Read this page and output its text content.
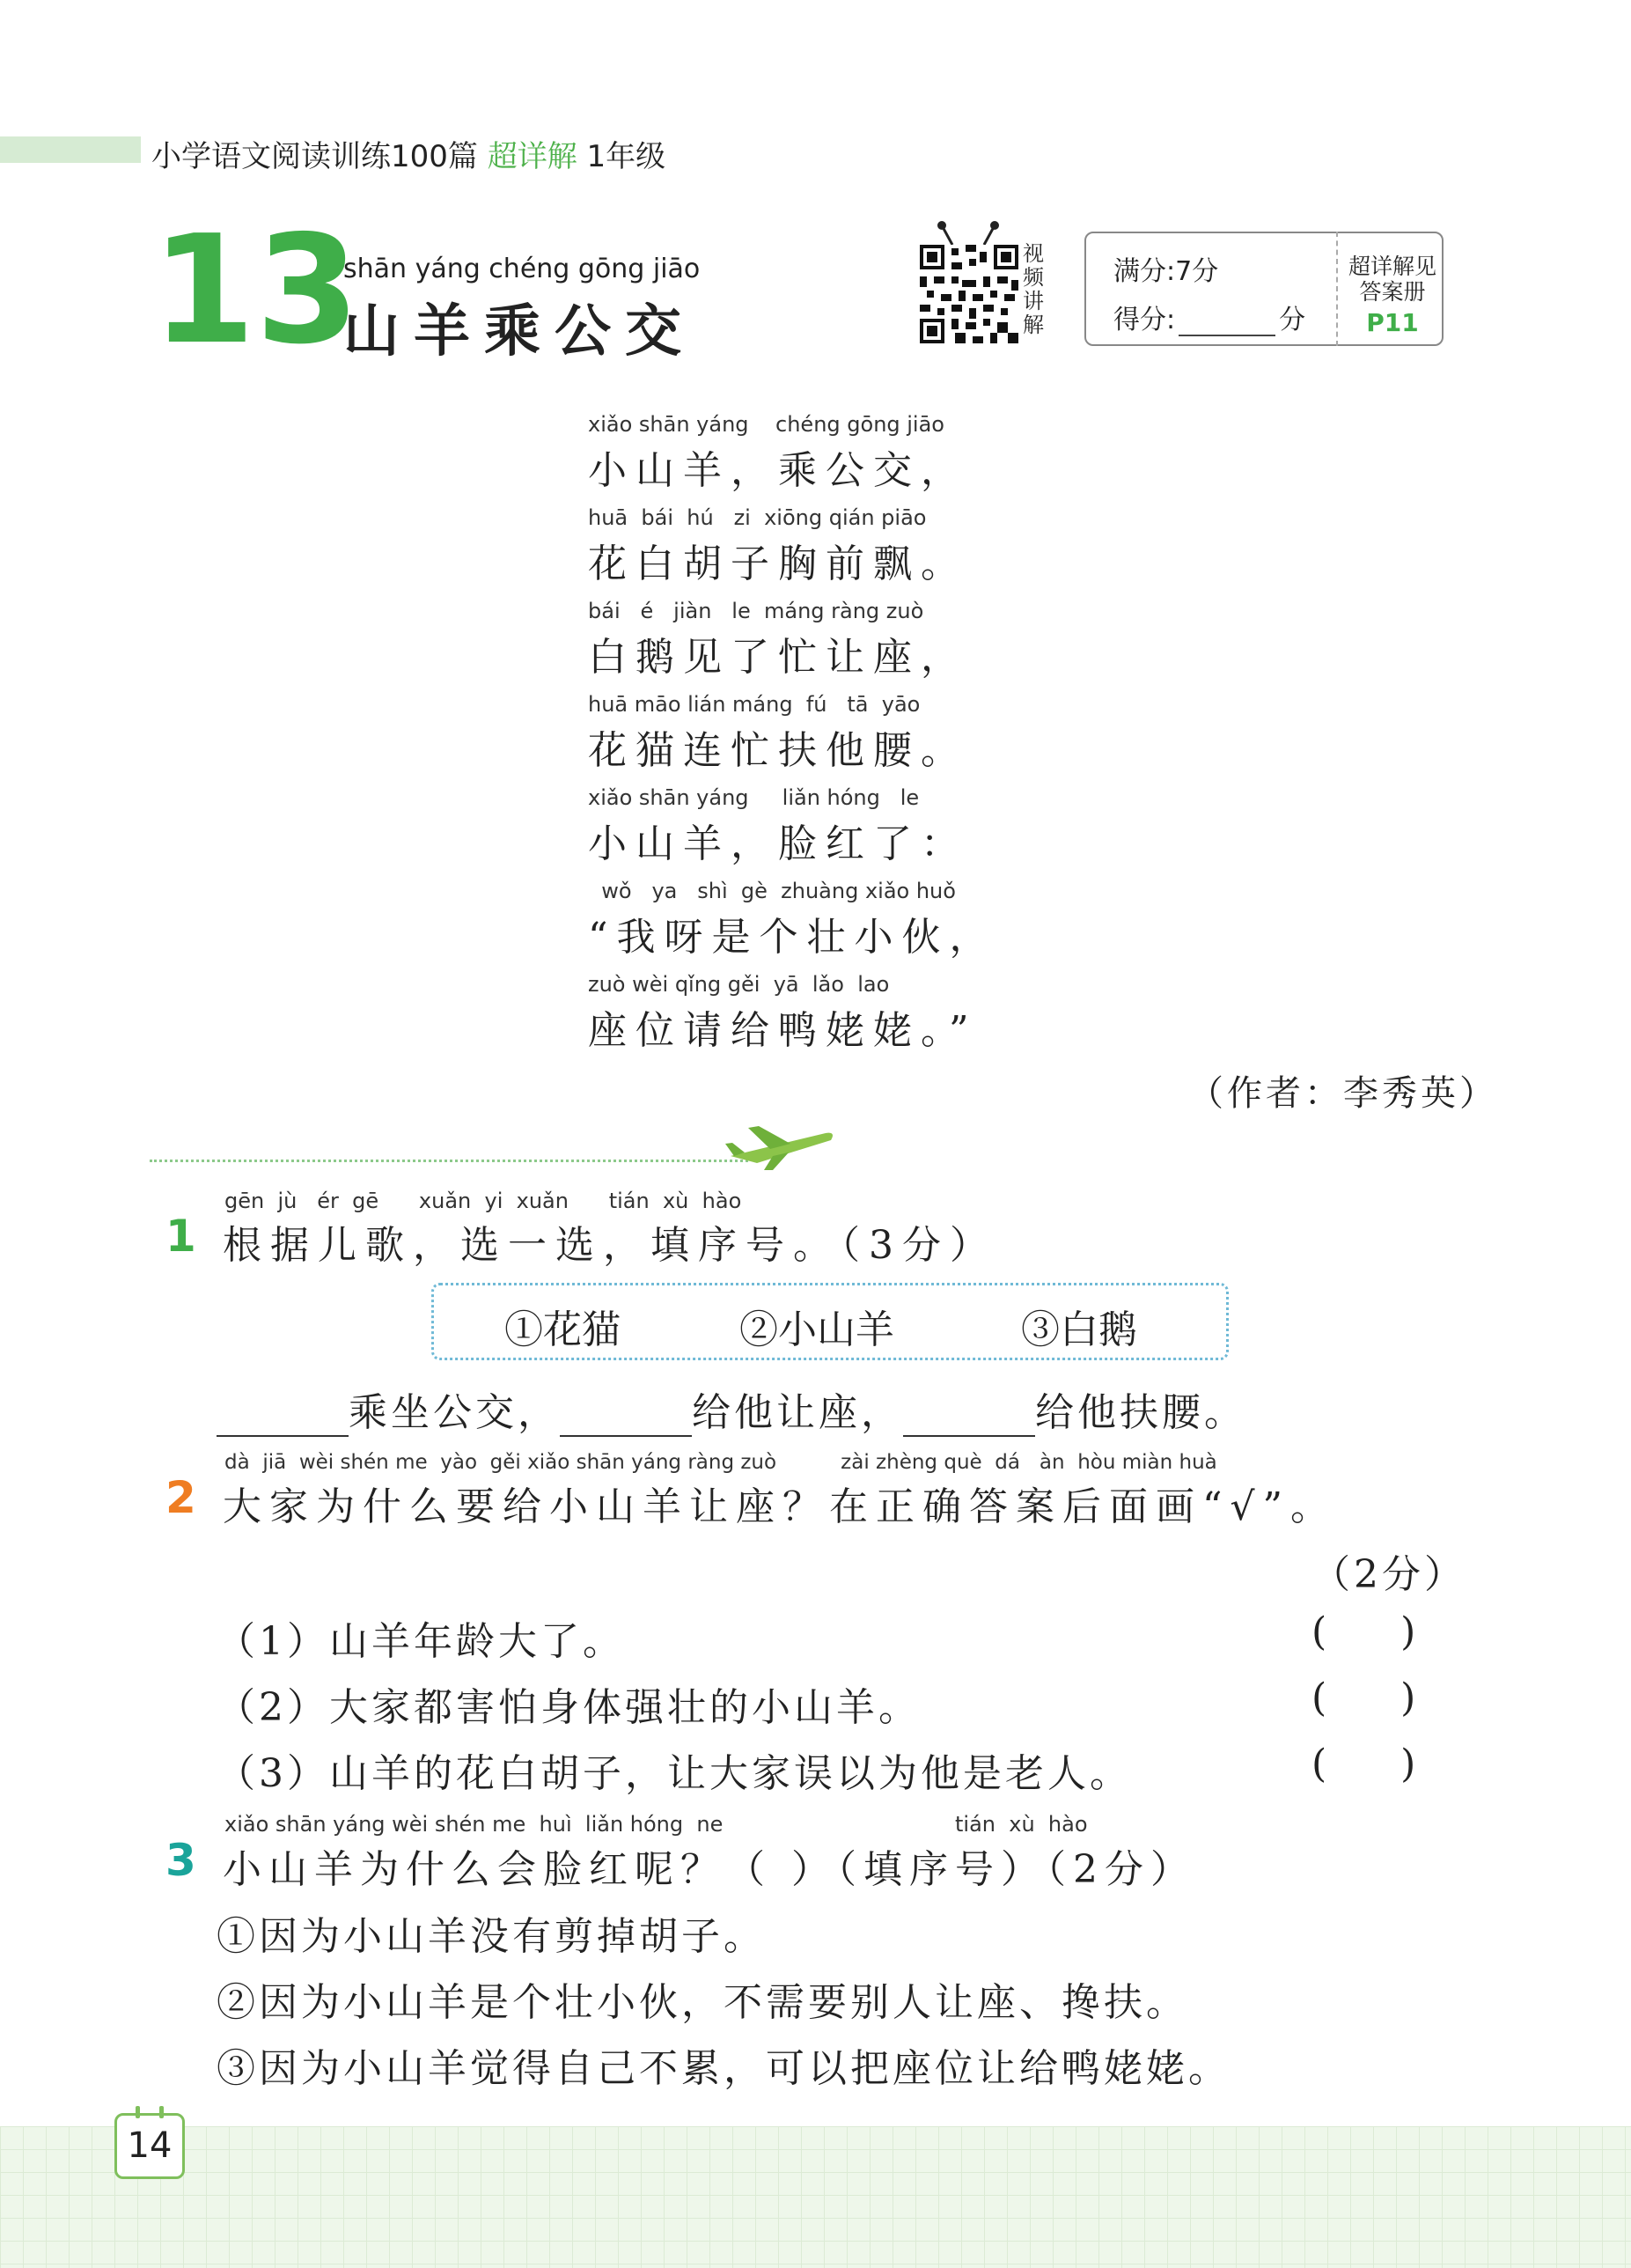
小学语文阅读训练100篇 超详解 1年级
13
shān yáng chéng gōng jiāo
山羊乘公交
视
频
讲
解
满分:7分
得分:	分
超详解见
答案册
P11
xiǎo shān yáng    chéng gōng jiāo
小山羊，乘公交，
huā  bái  hú   zi  xiōng qián piāo
花白胡子胸前飘。
bái   é   jiàn   le  máng ràng zuò
白鹅见了忙让座，
huā māo lián máng  fú   tā  yāo
花猫连忙扶他腰。
xiǎo shān yáng     liǎn hóng   le
小山羊，脸红了：
wǒ   ya   shì  gè  zhuàng xiǎo huǒ
“我呀是个壮小伙，
zuò wèi qǐng gěi  yā  lǎo  lao
座位请给鸭姥姥。”
（作者：李秀英）
gēn  jù   ér  gē      xuǎn  yi  xuǎn      tián  xù  hào
1 根据儿歌，选一选，填序号。（3分）
①花猫	②小山羊	③白鹅
乘坐公交，	给他让座，	给他扶腰。
dà  jiā  wèi shén me  yào  gěi xiǎo shān yáng ràng zuò          zài zhèng què  dá   àn  hòu miàn huà
2 大家为什么要给小山羊让座？在正确答案后面画“√”。
（2分）
（1）山羊年龄大了。	(      )
（2）大家都害怕身体强壮的小山羊。	(      )
（3）山羊的花白胡子，让大家误以为他是老人。	(      )
xiǎo shān yáng wèi shén me  huì  liǎn hóng  ne	tián  xù  hào
3 小山羊为什么会脸红呢？（ ）（填序号）（2分）
①因为小山羊没有剪掉胡子。
②因为小山羊是个壮小伙，不需要别人让座、搀扶。
③因为小山羊觉得自己不累，可以把座位让给鸭姥姥。
14
